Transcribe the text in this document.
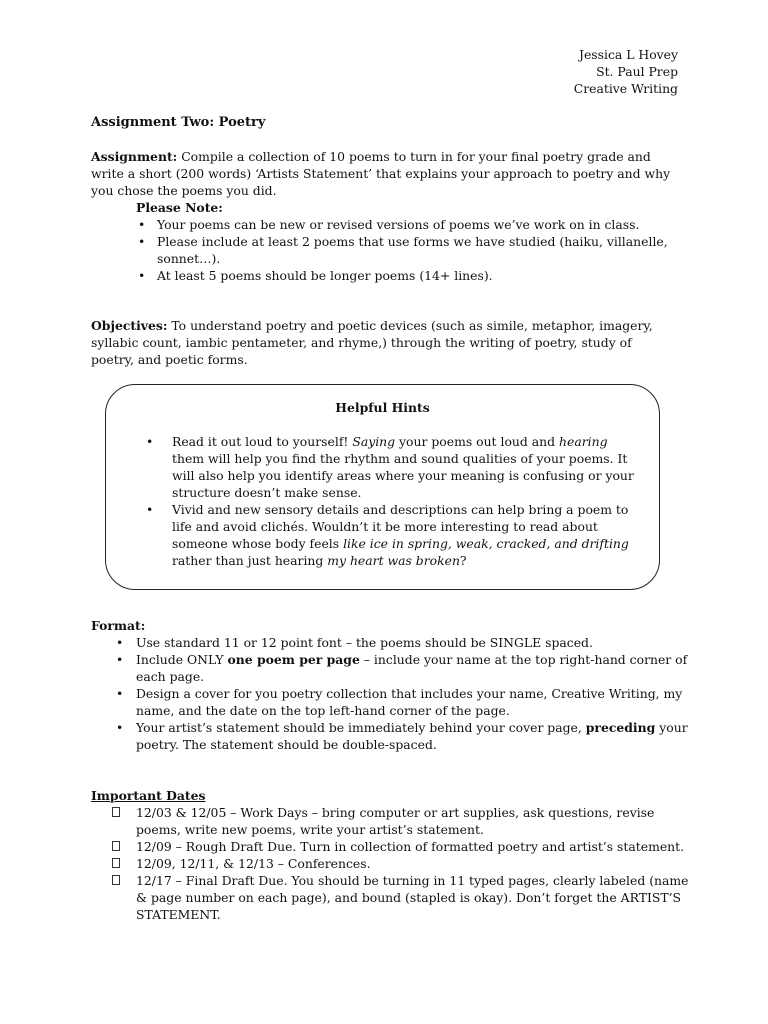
Jessica L Hovey
St. Paul Prep
Creative Writing
Assignment Two: Poetry
Assignment: Compile a collection of 10 poems to turn in for your final poetry grade and write a short (200 words) ‘Artists Statement’ that explains your approach to poetry and why you chose the poems you did.
Please Note:
• Your poems can be new or revised versions of poems we’ve work on in class.
• Please include at least 2 poems that use forms we have studied (haiku, villanelle, sonnet…).
• At least 5 poems should be longer poems (14+ lines).
Objectives: To understand poetry and poetic devices (such as simile, metaphor, imagery, syllabic count, iambic pentameter, and rhyme,) through the writing of poetry, study of poetry, and poetic forms.
Helpful Hints
• Read it out loud to yourself! Saying your poems out loud and hearing them will help you find the rhythm and sound qualities of your poems. It will also help you identify areas where your meaning is confusing or your structure doesn’t make sense.
• Vivid and new sensory details and descriptions can help bring a poem to life and avoid clichés. Wouldn’t it be more interesting to read about someone whose body feels like ice in spring, weak, cracked, and drifting rather than just hearing my heart was broken?
Format:
• Use standard 11 or 12 point font – the poems should be SINGLE spaced.
• Include ONLY one poem per page – include your name at the top right-hand corner of each page.
• Design a cover for you poetry collection that includes your name, Creative Writing, my name, and the date on the top left-hand corner of the page.
• Your artist’s statement should be immediately behind your cover page, preceding your poetry. The statement should be double-spaced.
Important Dates
12/03 & 12/05 – Work Days – bring computer or art supplies, ask questions, revise poems, write new poems, write your artist’s statement.
12/09 – Rough Draft Due. Turn in collection of formatted poetry and artist’s statement.
12/09, 12/11, & 12/13 – Conferences.
12/17 – Final Draft Due. You should be turning in 11 typed pages, clearly labeled (name & page number on each page), and bound (stapled is okay). Don’t forget the ARTIST’S STATEMENT.
